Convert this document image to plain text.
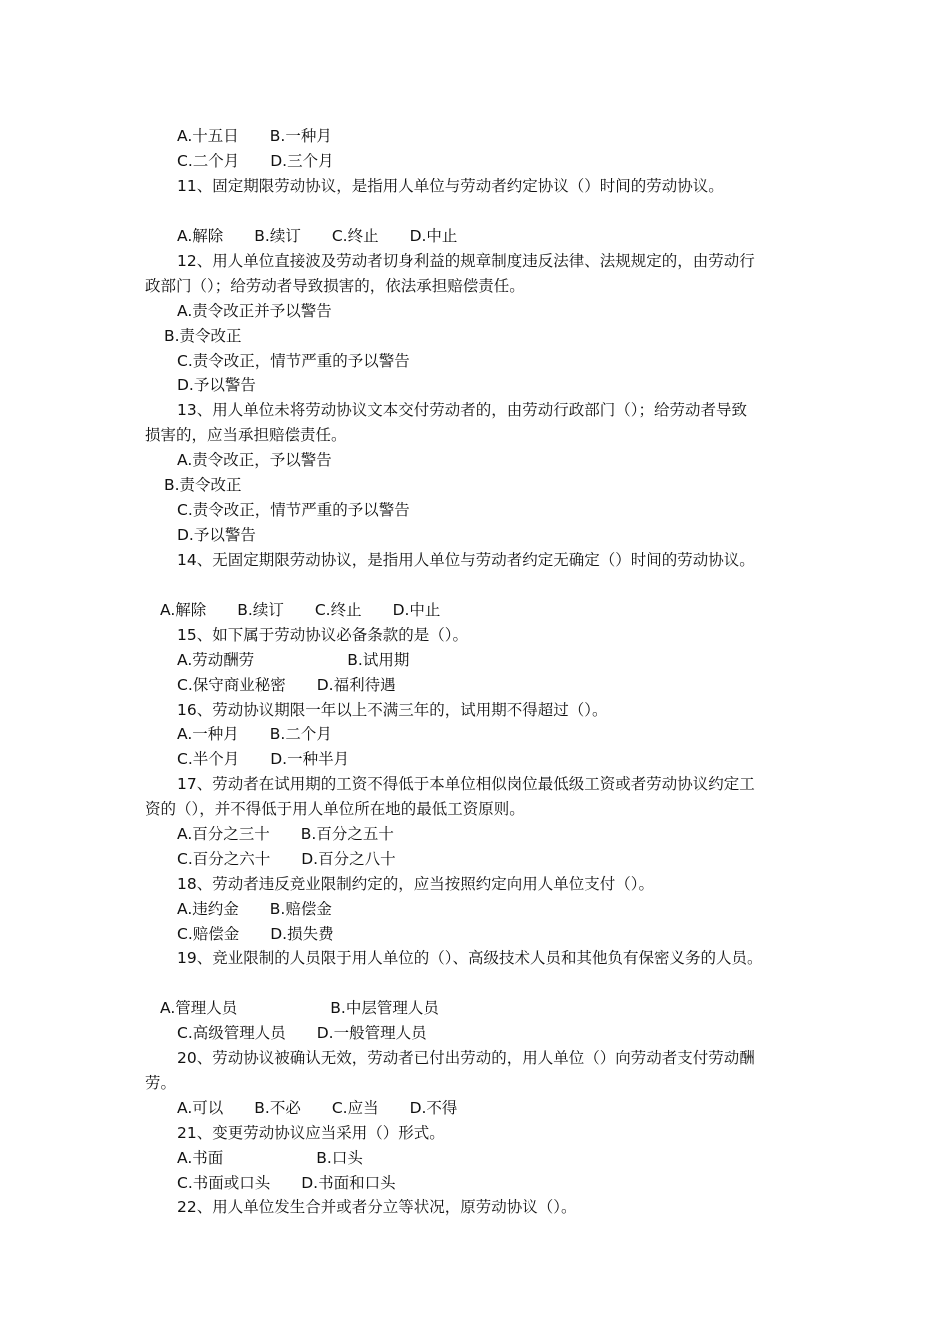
A.十五日　　B.一种月
C.二个月　　D.三个月
11、固定期限劳动协议，是指用人单位与劳动者约定协议（）时间的劳动协议。
A.解除　　B.续订　　C.终止　　D.中止
12、用人单位直接波及劳动者切身利益的规章制度违反法律、法规规定的，由劳动行
政部门（）；给劳动者导致损害的，依法承担赔偿责任。
A.责令改正并予以警告
B.责令改正
C.责令改正，情节严重的予以警告
D.予以警告
13、用人单位未将劳动协议文本交付劳动者的，由劳动行政部门（）；给劳动者导致
损害的，应当承担赔偿责任。
A.责令改正，予以警告
B.责令改正
C.责令改正，情节严重的予以警告
D.予以警告
14、无固定期限劳动协议，是指用人单位与劳动者约定无确定（）时间的劳动协议。
A.解除　　B.续订　　C.终止　　D.中止
15、如下属于劳动协议必备条款的是（）。
A.劳动酬劳　　　　　　B.试用期
C.保守商业秘密　　D.福利待遇
16、劳动协议期限一年以上不满三年的，试用期不得超过（）。
A.一种月　　B.二个月
C.半个月　　D.一种半月
17、劳动者在试用期的工资不得低于本单位相似岗位最低级工资或者劳动协议约定工
资的（），并不得低于用人单位所在地的最低工资原则。
A.百分之三十　　B.百分之五十
C.百分之六十　　D.百分之八十
18、劳动者违反竞业限制约定的，应当按照约定向用人单位支付（）。
A.违约金　　B.赔偿金
C.赔偿金　　D.损失费
19、竞业限制的人员限于用人单位的（）、高级技术人员和其他负有保密义务的人员。
A.管理人员　　　　　　B.中层管理人员
C.高级管理人员　　D.一般管理人员
20、劳动协议被确认无效，劳动者已付出劳动的，用人单位（）向劳动者支付劳动酬
劳。
A.可以　　B.不必　　C.应当　　D.不得
21、变更劳动协议应当采用（）形式。
A.书面　　　　　　B.口头
C.书面或口头　　D.书面和口头
22、用人单位发生合并或者分立等状况，原劳动协议（）。
